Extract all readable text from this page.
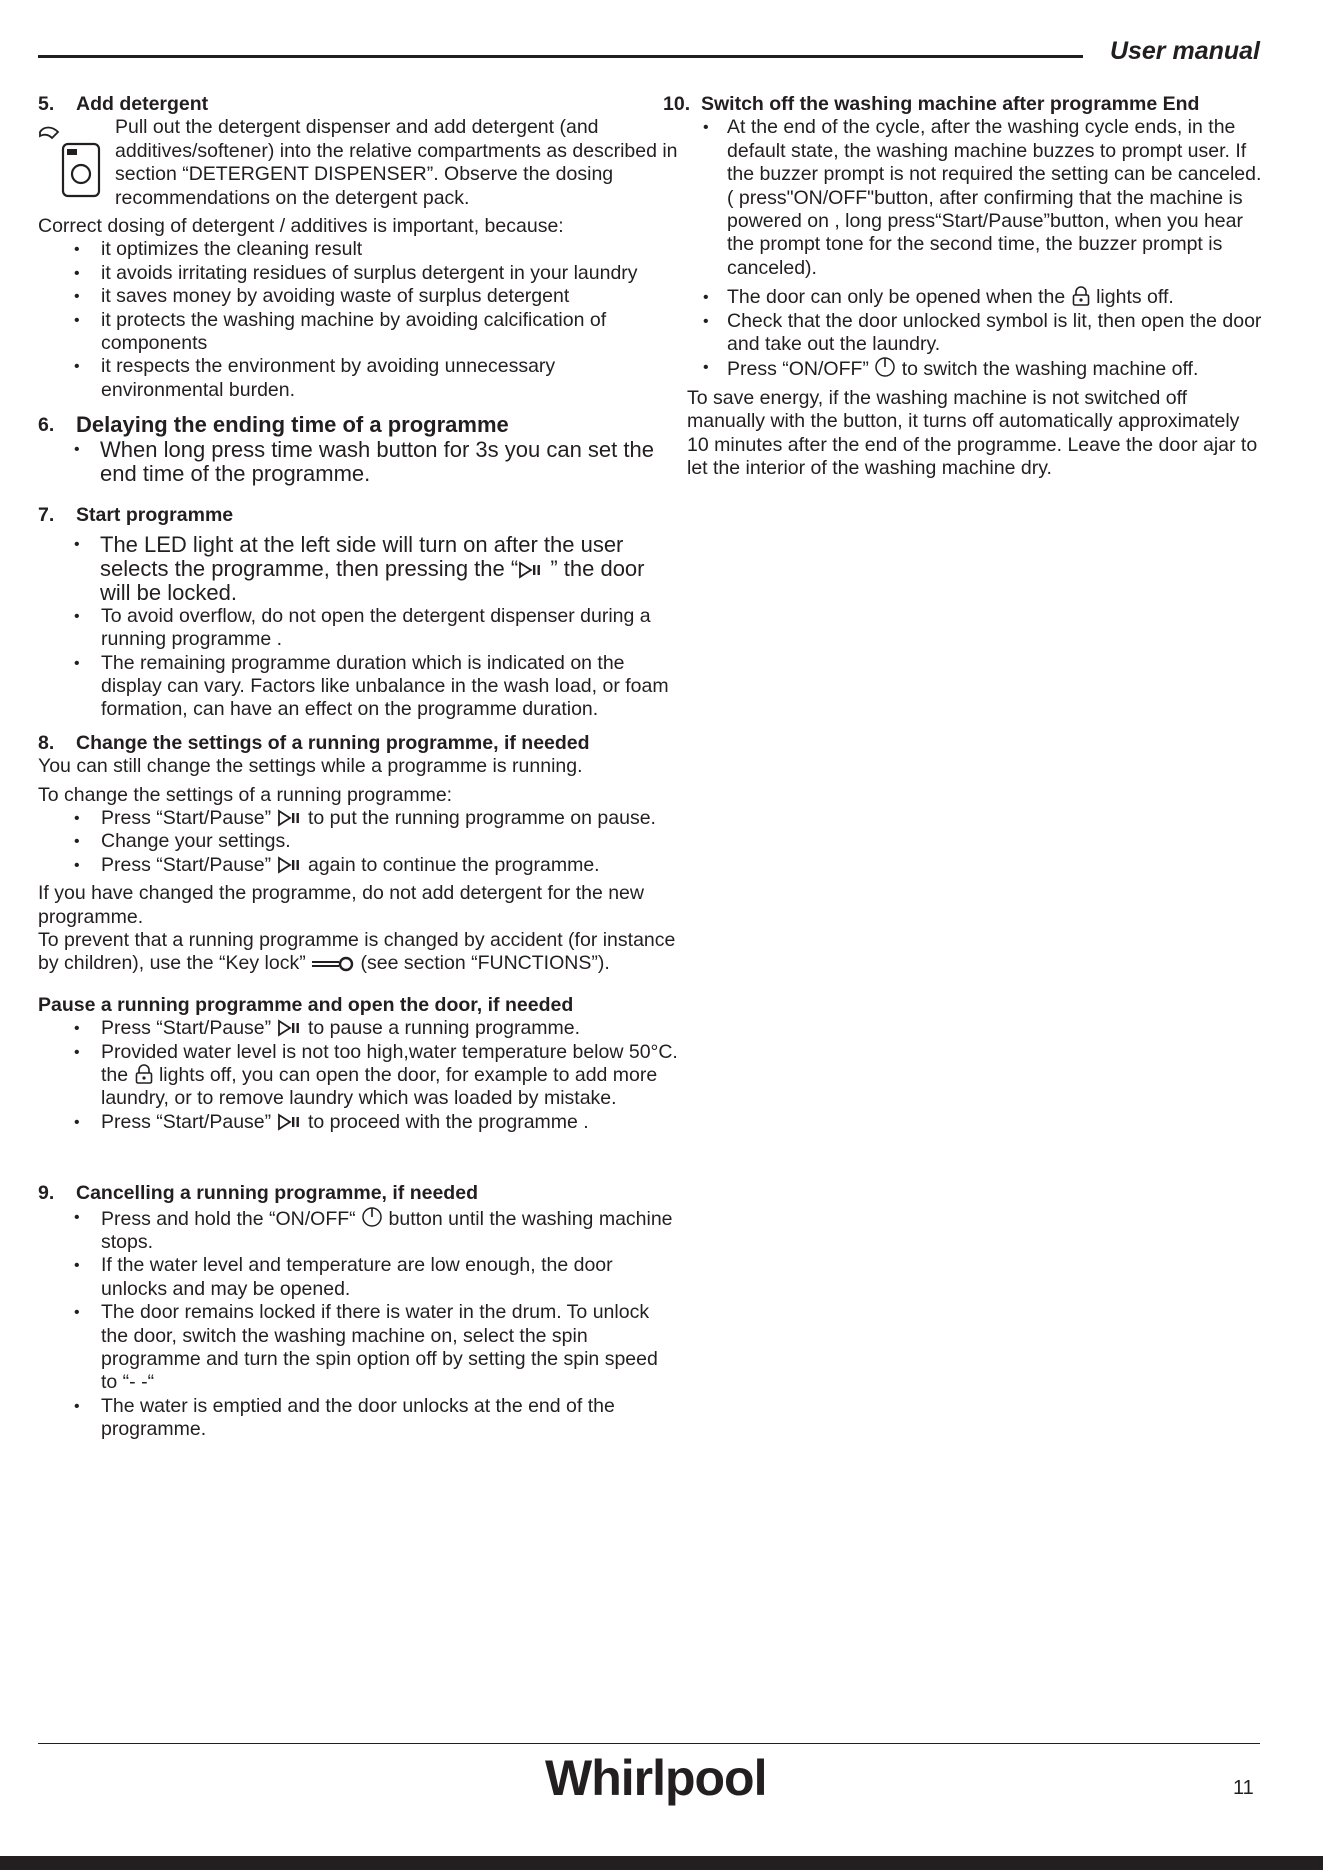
User manual
5. Add detergent

Pull out the detergent dispenser and add detergent (and additives/softener) into the relative compartments as described in section “DETERGENT DISPENSER”. Observe the dosing recommendations on the detergent pack.

Correct dosing of detergent / additives is important, because:

• it optimizes the cleaning result
• it avoids irritating residues of surplus detergent in your laundry
• it saves money by avoiding waste of surplus detergent
• it protects the washing machine by avoiding calcification of components
• it respects the environment by avoiding unnecessary environmental burden.
6. Delaying the ending time of a programme
• When long press time wash button for 3s you can set the end time of the programme.
7. Start programme
• The LED light at the left side will turn on after the user selects the programme, then pressing the “
” the door will be locked.
• To avoid overflow, do not open the detergent dispenser during a running programme .
• The remaining programme duration which is indicated on the display can vary. Factors like unbalance in the wash load, or foam formation, can have an effect on the programme duration.
8. Change the settings of a running programme, if needed

You can still change the settings while a programme is running.

To change the settings of a running programme:

• Press “Start/Pause”
to put the running programme on pause.
• Change your settings.
• Press “Start/Pause”
again to continue the programme.

If you have changed the programme, do not add detergent for the new programme.

To prevent that a running programme is changed by accident (for instance by children), use the “Key lock”
(see section “FUNCTIONS”).

Pause a running programme and open the door, if needed
• Press “Start/Pause”
to pause a running programme.
• Provided water level is not too high,water temperature below 50°C. the
lights off, you can open the door, for example to add more laundry, or to remove laundry which was loaded by mistake.
• Press “Start/Pause”
to proceed with the programme .
9. Cancelling a running programme, if needed
• Press and hold the “ON/OFF“
button until the washing machine stops.
• If the water level and temperature are low enough, the door unlocks and may be opened.
• The door remains locked if there is water in the drum. To unlock the door, switch the washing machine on, select the spin programme and turn the spin option off by setting the spin speed to “- -“
• The water is emptied and the door unlocks at the end of the programme.
10. Switch off the washing machine after programme End
• At the end of the cycle, after the washing cycle ends, in the default state, the washing machine buzzes to prompt user. If the buzzer prompt is not required the setting can be canceled. ( press"ON/OFF"button, after confirming that the machine is powered on , long press“Start/Pause”button, when you hear the prompt tone for the second time, the buzzer prompt is canceled).
• The door can only be opened when the
lights off.
• Check that the door unlocked symbol is lit, then open the door and take out the laundry.
• Press “ON/OFF”
to switch the washing machine off.

To save energy, if the washing machine is not switched off manually with the button, it turns off automatically approximately 10 minutes after the end of the programme. Leave the door ajar to let the interior of the washing machine dry.

Whirlpool	11
